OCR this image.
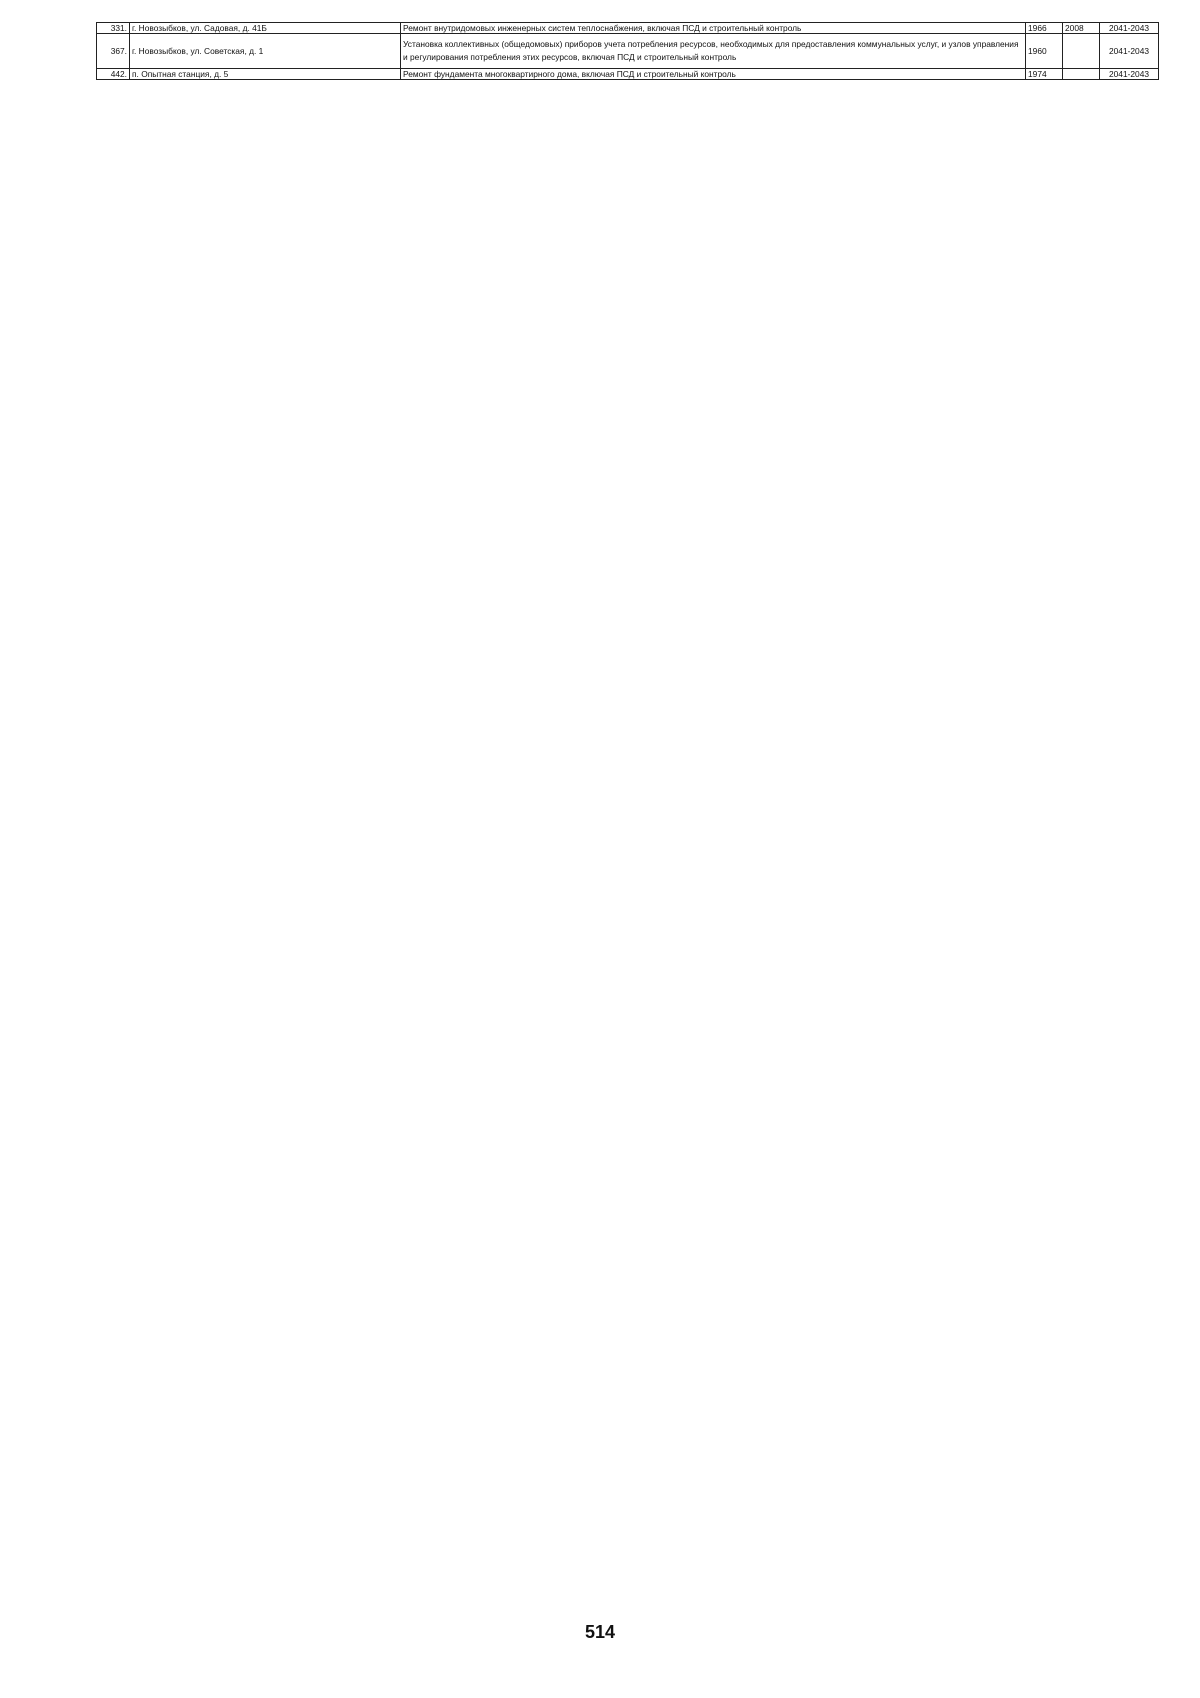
331.	г. Новозыбков, ул. Садовая, д. 41Б	Ремонт внутридомовых инженерных систем теплоснабжения, включая ПСД и строительный контроль	1966	2008	2041-2043
367.	г. Новозыбков, ул. Советская, д. 1	Установка коллективных (общедомовых) приборов учета потребления ресурсов, необходимых для предоставления коммунальных услуг, и узлов управления и регулирования потребления этих ресурсов, включая ПСД и строительный контроль	1960		2041-2043
442.	п. Опытная станция, д. 5	Ремонт фундамента многоквартирного дома, включая ПСД и строительный контроль	1974		2041-2043
514
